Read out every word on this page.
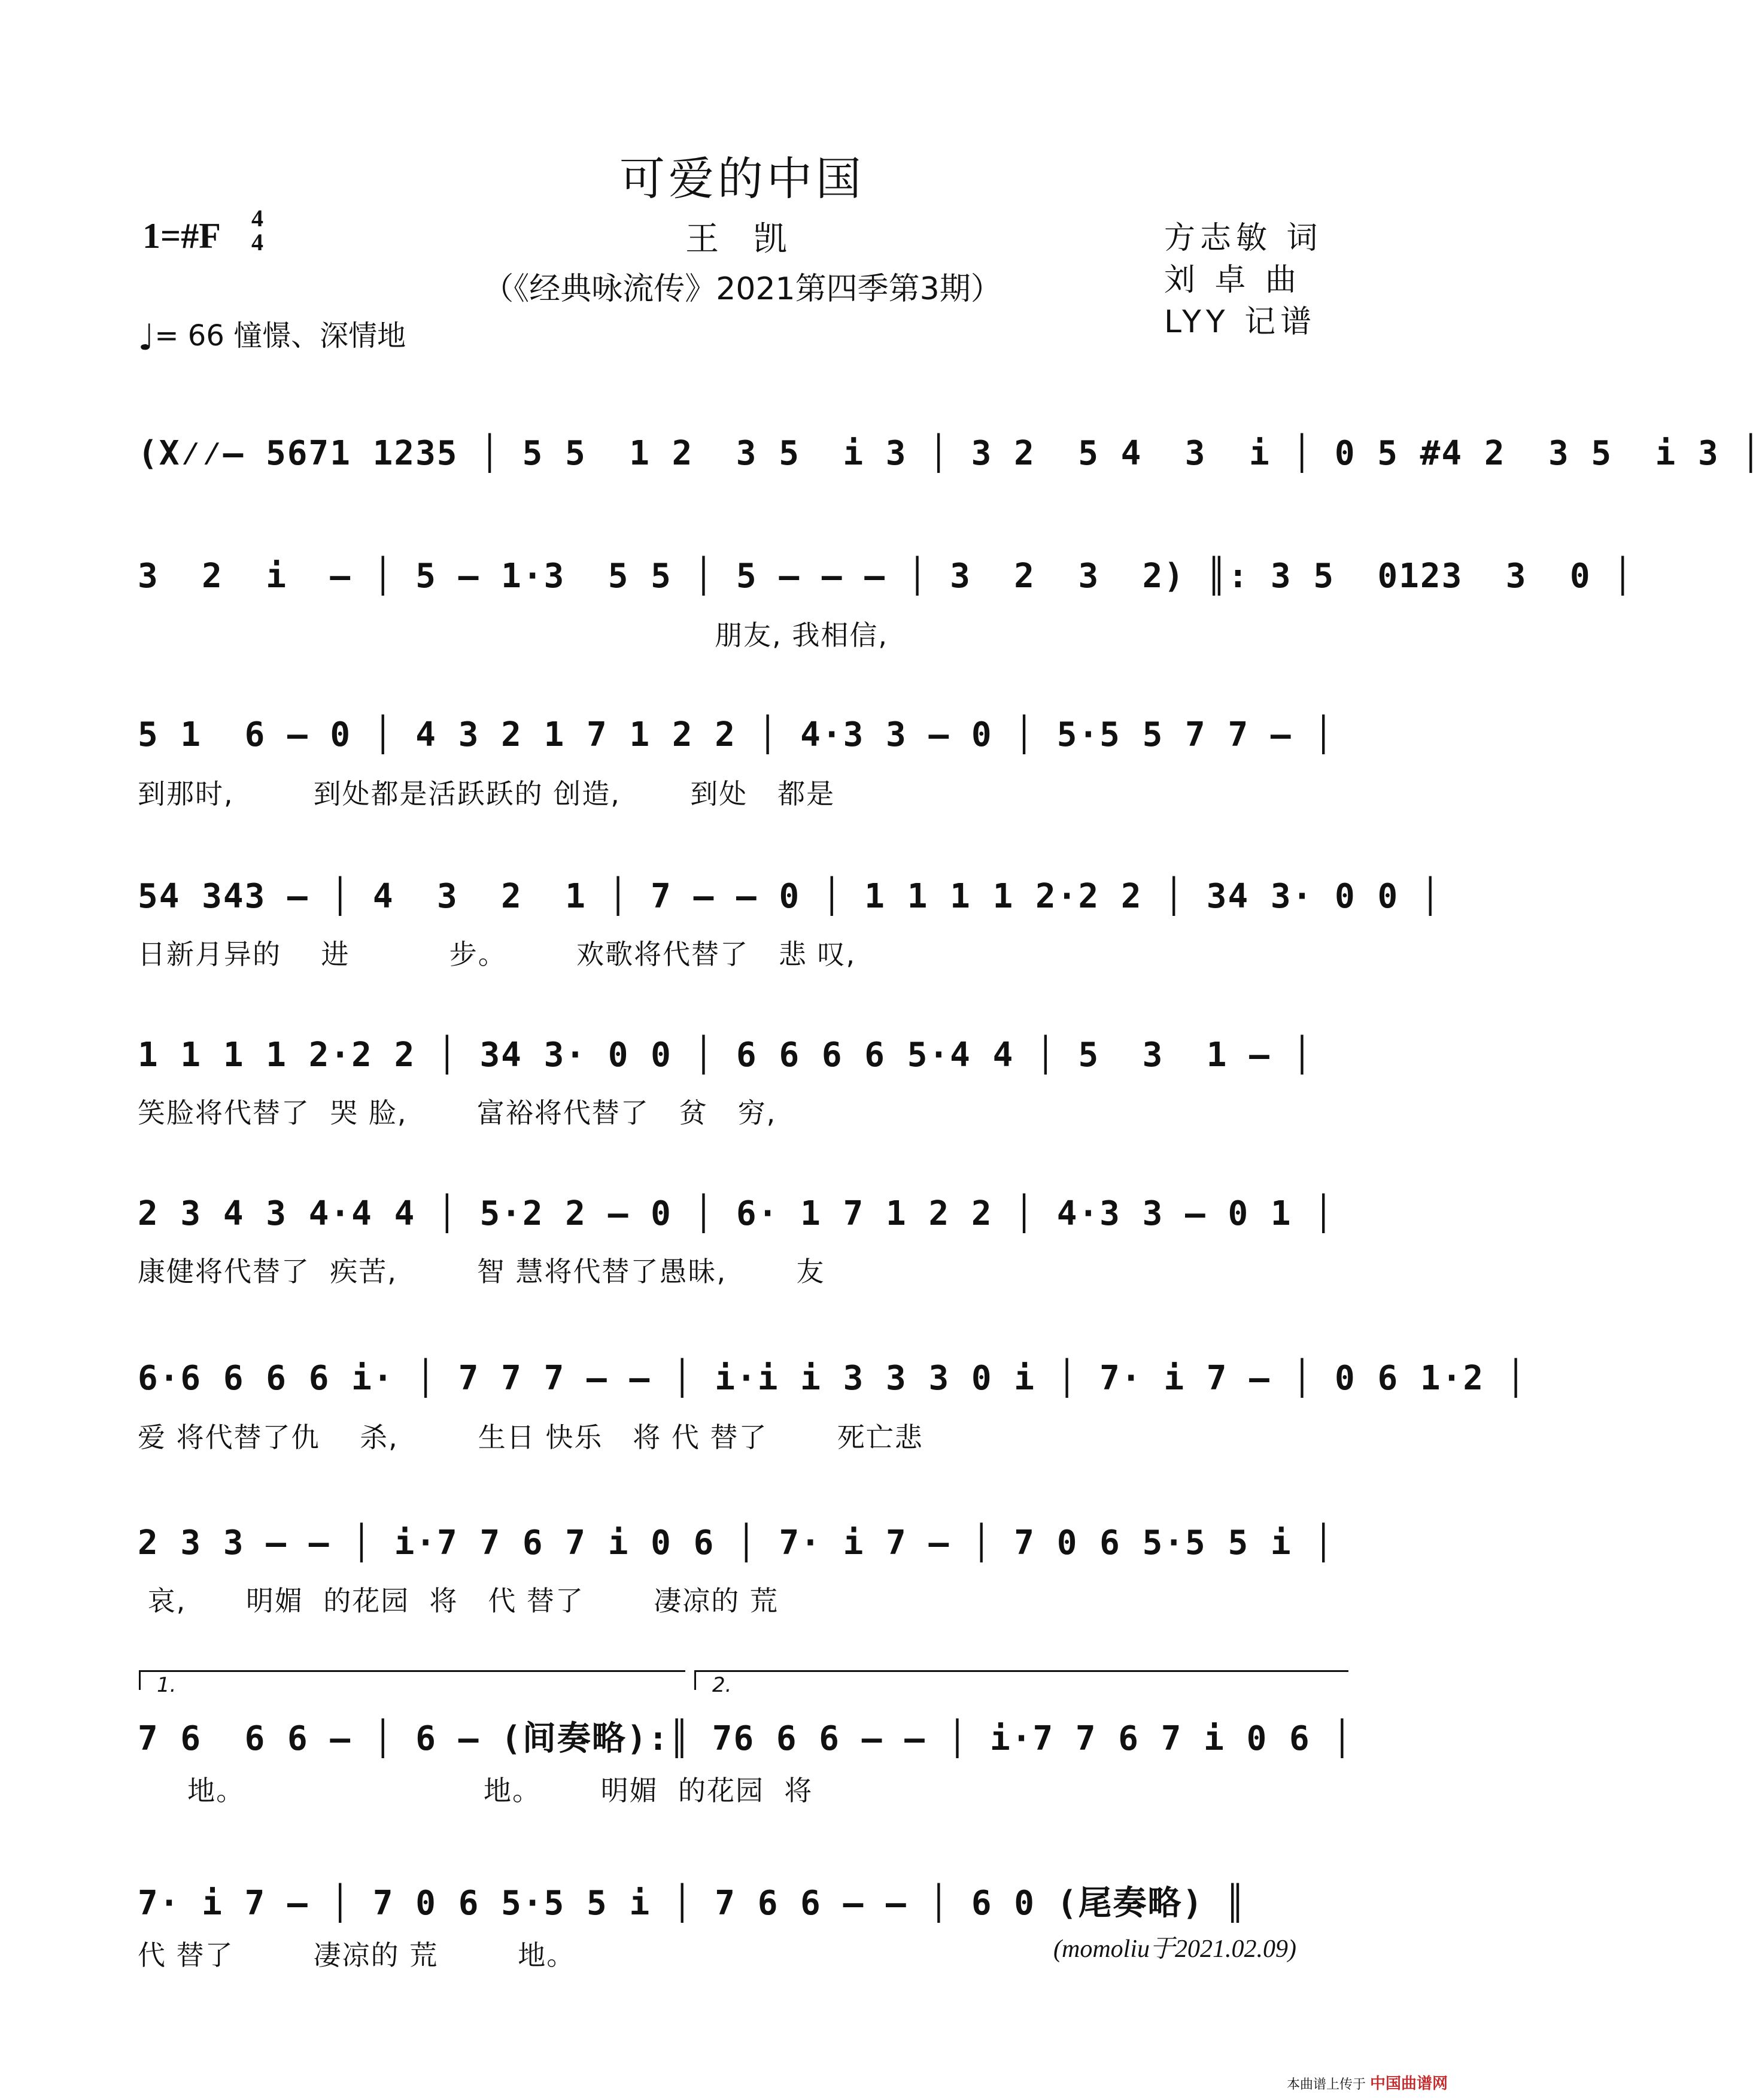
可爱的中国
1=#F 4
4	王 凯
（《经典咏流传》2021第四季第3期）
♩= 66 憧憬、深情地
方志敏 词
刘 卓 曲
LYY 记谱
(X⁄⁄– 5671 1235 │ 5 5  1 2  3 5  i 3 │ 3 2  5 4  3  i │ 0 5 #4 2  3 5  i 3 │
3  2  i  – │ 5 – 1·3  5 5 │ 5 – – – │ 3  2  3  2) ║: 3 5  0123  3  0 │
朋友, 我相信,
5 1  6 – 0 │ 4 3 2 1 7 1 2 2 │ 4·3 3 – 0 │ 5·5 5 7 7 – │
到那时,        到处都是活跃跃的 创造,       到处   都是
54 343 – │ 4  3  2  1 │ 7 – – 0 │ 1 1 1 1 2·2 2 │ 34 3· 0 0 │
日新月异的    进          步。       欢歌将代替了   悲 叹,
1 1 1 1 2·2 2 │ 34 3· 0 0 │ 6 6 6 6 5·4 4 │ 5  3  1 – │
笑脸将代替了  哭 脸,       富裕将代替了   贫   穷,
2 3 4 3 4·4 4 │ 5·2 2 – 0 │ 6· 1 7 1 2 2 │ 4·3 3 – 0 1 │
康健将代替了  疾苦,        智 慧将代替了愚昧,       友
6·6 6 6 6 i· │ 7 7 7 – – │ i·i i 3 3 3 0 i │ 7· i 7 – │ 0 6 1·2 │
爱 将代替了仇    杀,        生日 快乐   将 代 替了       死亡悲
2 3 3 – – │ i·7 7 6 7 i 0 6 │ 7· i 7 – │ 7 0 6 5·5 5 i │
哀,      明媚  的花园  将   代 替了       凄凉的 荒
1.	2.
7 6  6 6 – │ 6 – (间奏略):║ 76 6 6 – – │ i·7 7 6 7 i 0 6 │
地。                        地。      明媚  的花园  将
7· i 7 – │ 7 0 6 5·5 5 i │ 7 6 6 – – │ 6 0 (尾奏略) ║
代 替了        凄凉的 荒        地。	(momoliu于2021.02.09)
本曲谱上传于 中国曲谱网
